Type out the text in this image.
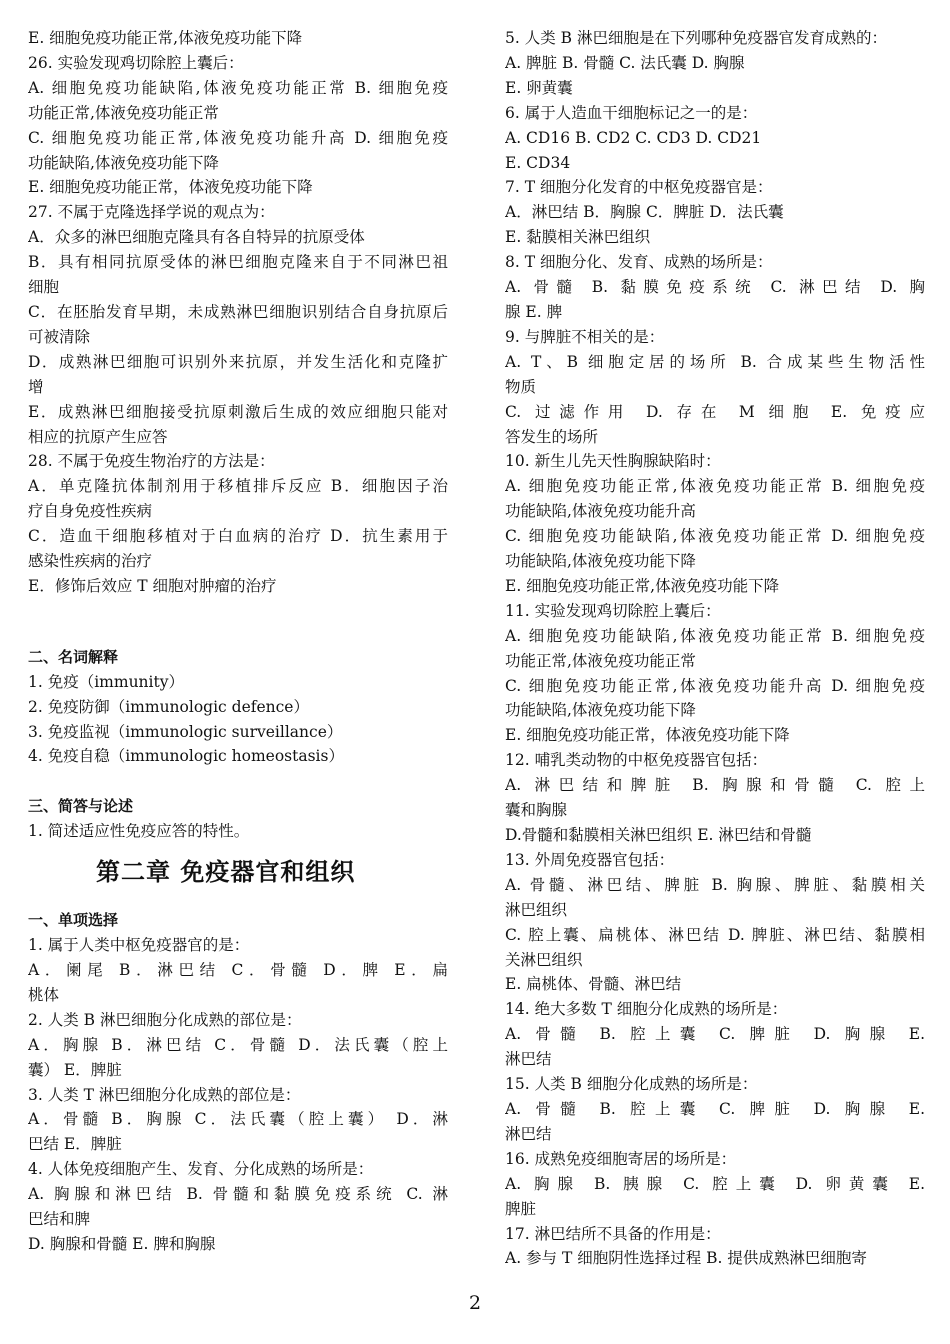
E. 细胞免疫功能正常,体液免疫功能下降
26. 实验发现鸡切除腔上囊后：
A. 细胞免疫功能缺陷,体液免疫功能正常 B. 细胞免疫
功能正常,体液免疫功能正常
C. 细胞免疫功能正常,体液免疫功能升高 D. 细胞免疫
功能缺陷,体液免疫功能下降
E. 细胞免疫功能正常，体液免疫功能下降
27. 不属于克隆选择学说的观点为：
A．众多的淋巴细胞克隆具有各自特异的抗原受体
B．具有相同抗原受体的淋巴细胞克隆来自于不同淋巴祖
细胞
C．在胚胎发育早期，未成熟淋巴细胞识别结合自身抗原后
可被清除
D．成熟淋巴细胞可识别外来抗原，并发生活化和克隆扩
增
E．成熟淋巴细胞接受抗原刺激后生成的效应细胞只能对
相应的抗原产生应答
28. 不属于免疫生物治疗的方法是：
A．单克隆抗体制剂用于移植排斥反应 B．细胞因子治
疗自身免疫性疾病
C．造血干细胞移植对于白血病的治疗 D．抗生素用于
感染性疾病的治疗
E．修饰后效应 T 细胞对肿瘤的治疗
二、名词解释
1. 免疫（immunity）
2. 免疫防御（immunologic defence）
3. 免疫监视（immunologic surveillance）
4. 免疫自稳（immunologic homeostasis）
三、简答与论述
1. 简述适应性免疫应答的特性。
第二章 免疫器官和组织
一、单项选择
1. 属于人类中枢免疫器官的是：
A．阑尾 B．淋巴结 C．骨髓 D．脾 E．扁
桃体
2. 人类 B 淋巴细胞分化成熟的部位是：
A．胸腺 B．淋巴结 C．骨髓 D．法氏囊（腔上
囊） E．脾脏
3. 人类 T 淋巴细胞分化成熟的部位是：
A．骨髓 B．胸腺 C．法氏囊（腔上囊） D．淋
巴结 E．脾脏
4. 人体免疫细胞产生、发育、分化成熟的场所是：
A. 胸腺和淋巴结 B. 骨髓和黏膜免疫系统 C. 淋
巴结和脾
D. 胸腺和骨髓 E. 脾和胸腺
5. 人类 B 淋巴细胞是在下列哪种免疫器官发育成熟的：
A. 脾脏 B. 骨髓 C. 法氏囊 D. 胸腺
E. 卵黄囊
6. 属于人造血干细胞标记之一的是：
A. CD16 B. CD2 C. CD3 D. CD21
E. CD34
7. T 细胞分化发育的中枢免疫器官是：
A．淋巴结 B．胸腺 C．脾脏 D．法氏囊
E. 黏膜相关淋巴组织
8. T 细胞分化、发育、成熟的场所是：
A. 骨髓 B. 黏膜免疫系统 C. 淋巴结 D. 胸
腺 E. 脾
9. 与脾脏不相关的是：
A. T、B 细胞定居的场所 B. 合成某些生物活性
物质
C. 过滤作用 D. 存在 M 细胞 E. 免疫应
答发生的场所
10. 新生儿先天性胸腺缺陷时：
A. 细胞免疫功能正常,体液免疫功能正常 B. 细胞免疫
功能缺陷,体液免疫功能升高
C. 细胞免疫功能缺陷,体液免疫功能正常 D. 细胞免疫
功能缺陷,体液免疫功能下降
E. 细胞免疫功能正常,体液免疫功能下降
11. 实验发现鸡切除腔上囊后：
A. 细胞免疫功能缺陷,体液免疫功能正常 B. 细胞免疫
功能正常,体液免疫功能正常
C. 细胞免疫功能正常,体液免疫功能升高 D. 细胞免疫
功能缺陷,体液免疫功能下降
E. 细胞免疫功能正常，体液免疫功能下降
12. 哺乳类动物的中枢免疫器官包括：
A. 淋巴结和脾脏 B. 胸腺和骨髓 C. 腔上
囊和胸腺
D.骨髓和黏膜相关淋巴组织 E. 淋巴结和骨髓
13. 外周免疫器官包括：
A. 骨髓、淋巴结、脾脏 B. 胸腺、脾脏、黏膜相关
淋巴组织
C. 腔上囊、扁桃体、淋巴结 D. 脾脏、淋巴结、黏膜相
关淋巴组织
E. 扁桃体、骨髓、淋巴结
14. 绝大多数 T 细胞分化成熟的场所是：
A. 骨髓 B. 腔上囊 C. 脾脏 D. 胸腺 E.
淋巴结
15. 人类 B 细胞分化成熟的场所是：
A. 骨髓 B. 腔上囊 C. 脾脏 D. 胸腺 E.
淋巴结
16. 成熟免疫细胞寄居的场所是：
A. 胸腺 B. 胰腺 C. 腔上囊 D. 卵黄囊 E.
脾脏
17. 淋巴结所不具备的作用是：
A. 参与 T 细胞阴性选择过程 B. 提供成熟淋巴细胞寄
2
